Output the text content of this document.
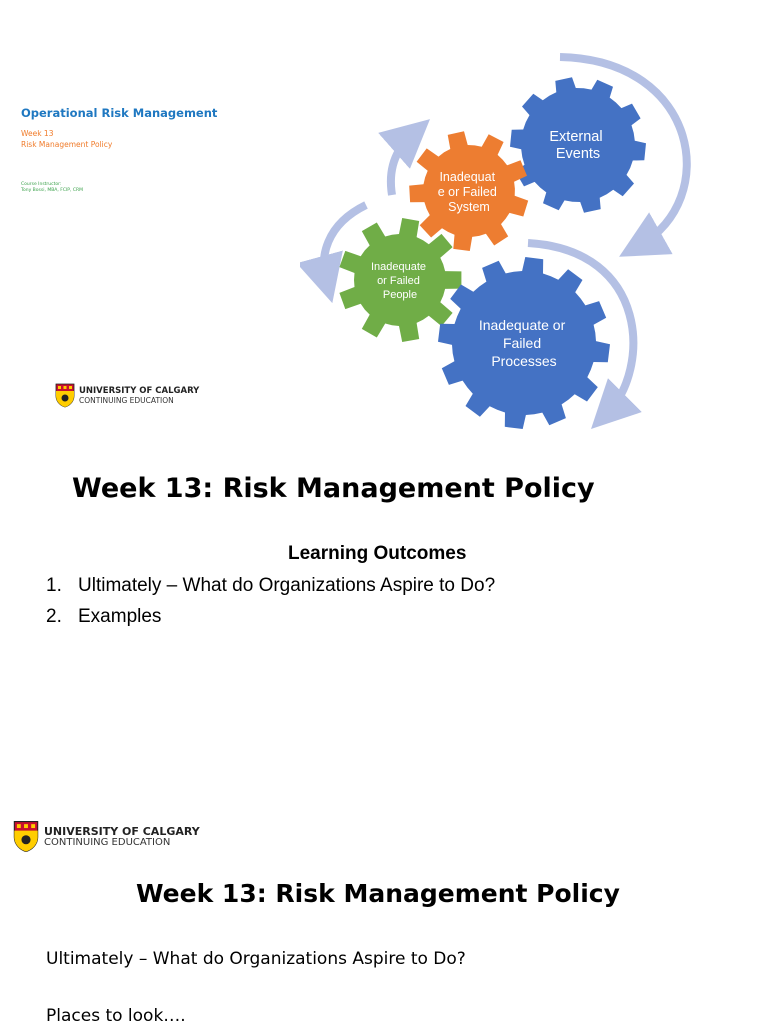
Operational Risk Management
Week 13
Risk Management Policy
Course Instructor:
Tony Bossi, MBA, FCIP, CRM
UNIVERSITY OF CALGARY
CONTINUING EDUCATION
External Events
Inadequat e or Failed System
Inadequate or Failed People
Inadequate or Failed Processes
Week 13: Risk Management Policy
Learning Outcomes
1. Ultimately – What do Organizations Aspire to Do?
2. Examples
UNIVERSITY OF CALGARY
CONTINUING EDUCATION
Week 13: Risk Management Policy
Ultimately – What do Organizations Aspire to Do?
Places to look….
